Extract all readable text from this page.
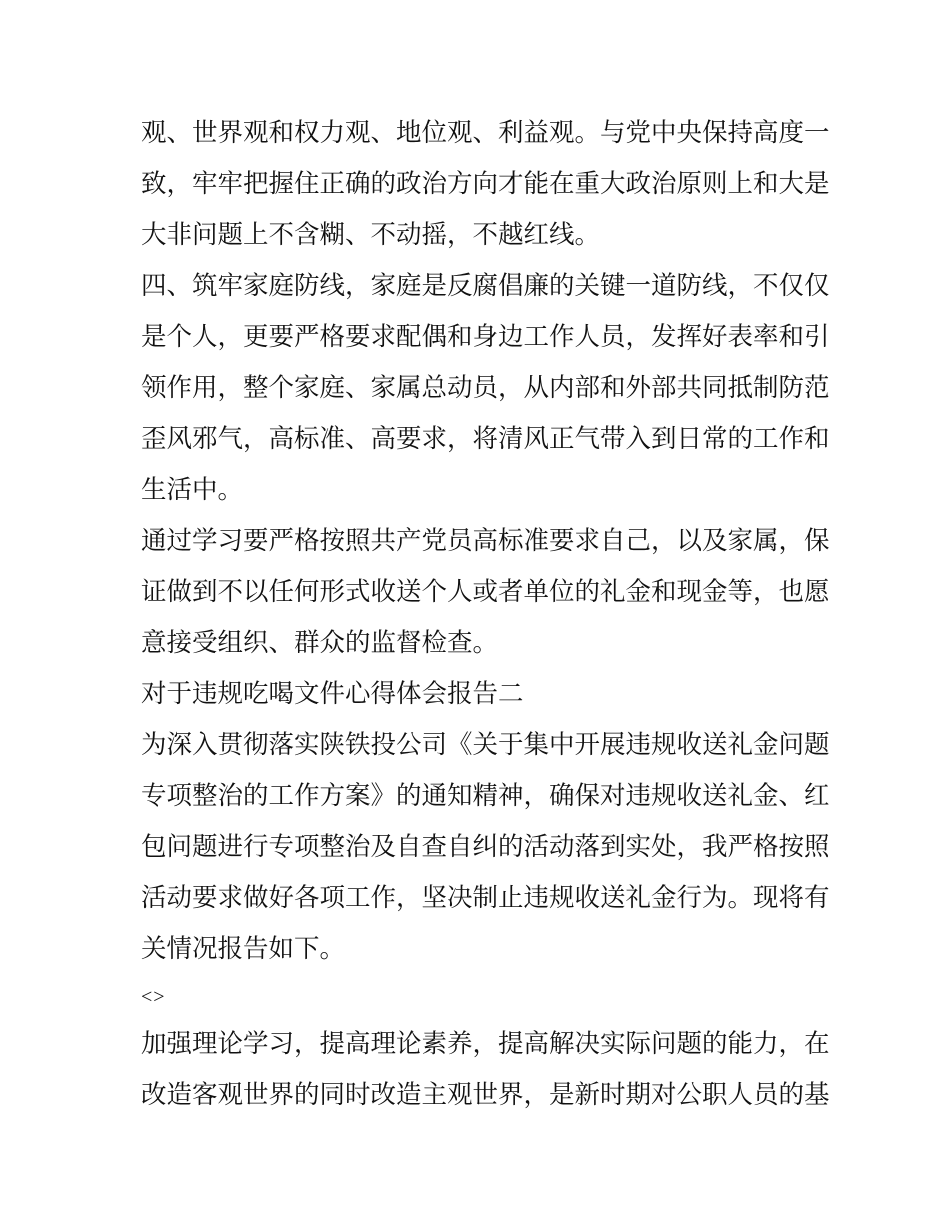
观、世界观和权力观、地位观、利益观。与党中央保持高度一
致，牢牢把握住正确的政治方向才能在重大政治原则上和大是
大非问题上不含糊、不动摇，不越红线。
四、筑牢家庭防线，家庭是反腐倡廉的关键一道防线，不仅仅
是个人，更要严格要求配偶和身边工作人员，发挥好表率和引
领作用，整个家庭、家属总动员，从内部和外部共同抵制防范
歪风邪气，高标准、高要求，将清风正气带入到日常的工作和
生活中。
通过学习要严格按照共产党员高标准要求自己，以及家属，保
证做到不以任何形式收送个人或者单位的礼金和现金等，也愿
意接受组织、群众的监督检查。
对于违规吃喝文件心得体会报告二
为深入贯彻落实陕铁投公司《关于集中开展违规收送礼金问题
专项整治的工作方案》的通知精神，确保对违规收送礼金、红
包问题进行专项整治及自查自纠的活动落到实处，我严格按照
活动要求做好各项工作，坚决制止违规收送礼金行为。现将有
关情况报告如下。
<>
加强理论学习，提高理论素养，提高解决实际问题的能力，在
改造客观世界的同时改造主观世界，是新时期对公职人员的基
